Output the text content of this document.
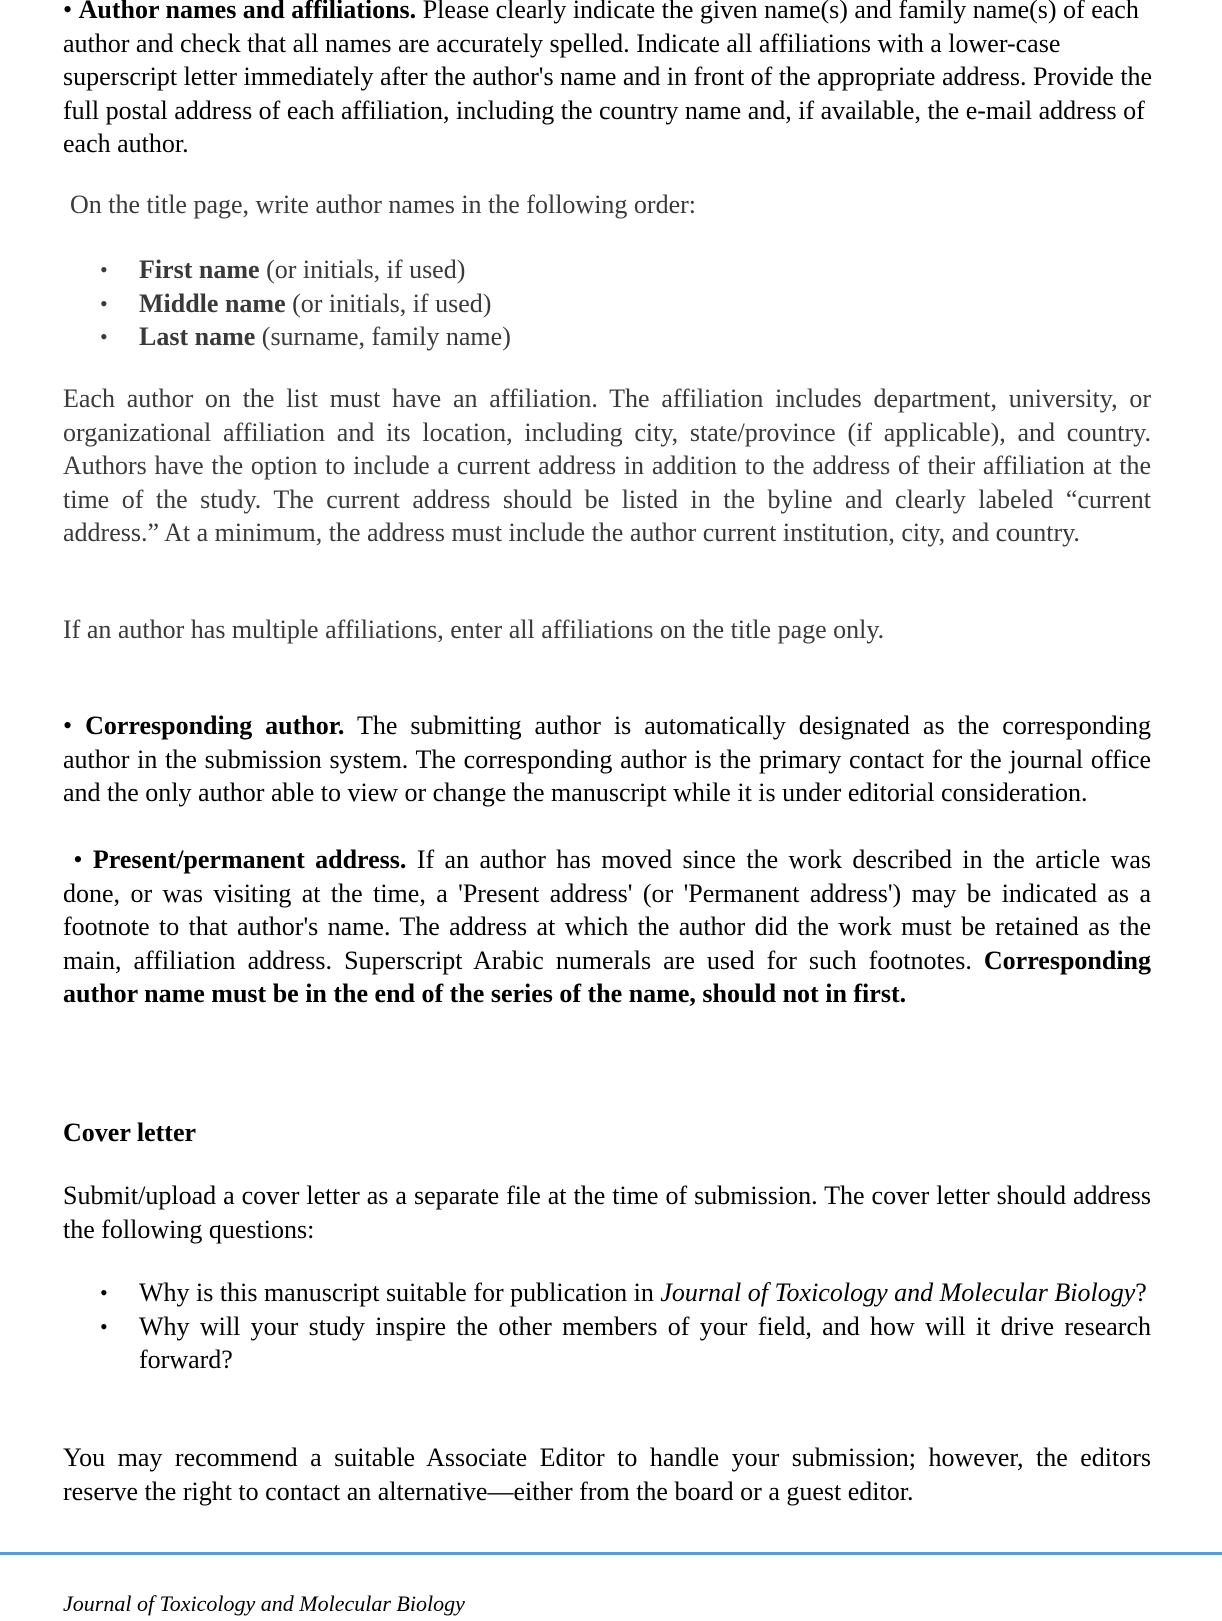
• Author names and affiliations. Please clearly indicate the given name(s) and family name(s) of each author and check that all names are accurately spelled. Indicate all affiliations with a lower-case superscript letter immediately after the author's name and in front of the appropriate address. Provide the full postal address of each affiliation, including the country name and, if available, the e-mail address of each author.

On the title page, write author names in the following order:

• First name (or initials, if used)
• Middle name (or initials, if used)
• Last name (surname, family name)

Each author on the list must have an affiliation. The affiliation includes department, university, or organizational affiliation and its location, including city, state/province (if applicable), and country. Authors have the option to include a current address in addition to the address of their affiliation at the time of the study. The current address should be listed in the byline and clearly labeled “current address.” At a minimum, the address must include the author current institution, city, and country.

If an author has multiple affiliations, enter all affiliations on the title page only.

• Corresponding author. The submitting author is automatically designated as the corresponding author in the submission system. The corresponding author is the primary contact for the journal office and the only author able to view or change the manuscript while it is under editorial consideration.

• Present/permanent address. If an author has moved since the work described in the article was done, or was visiting at the time, a 'Present address' (or 'Permanent address') may be indicated as a footnote to that author's name. The address at which the author did the work must be retained as the main, affiliation address. Superscript Arabic numerals are used for such footnotes. Corresponding author name must be in the end of the series of the name, should not in first.

Cover letter

Submit/upload a cover letter as a separate file at the time of submission. The cover letter should address the following questions:

• Why is this manuscript suitable for publication in Journal of Toxicology and Molecular Biology?
• Why will your study inspire the other members of your field, and how will it drive research forward?

You may recommend a suitable Associate Editor to handle your submission; however, the editors reserve the right to contact an alternative—either from the board or a guest editor.

Journal of Toxicology and Molecular Biology
